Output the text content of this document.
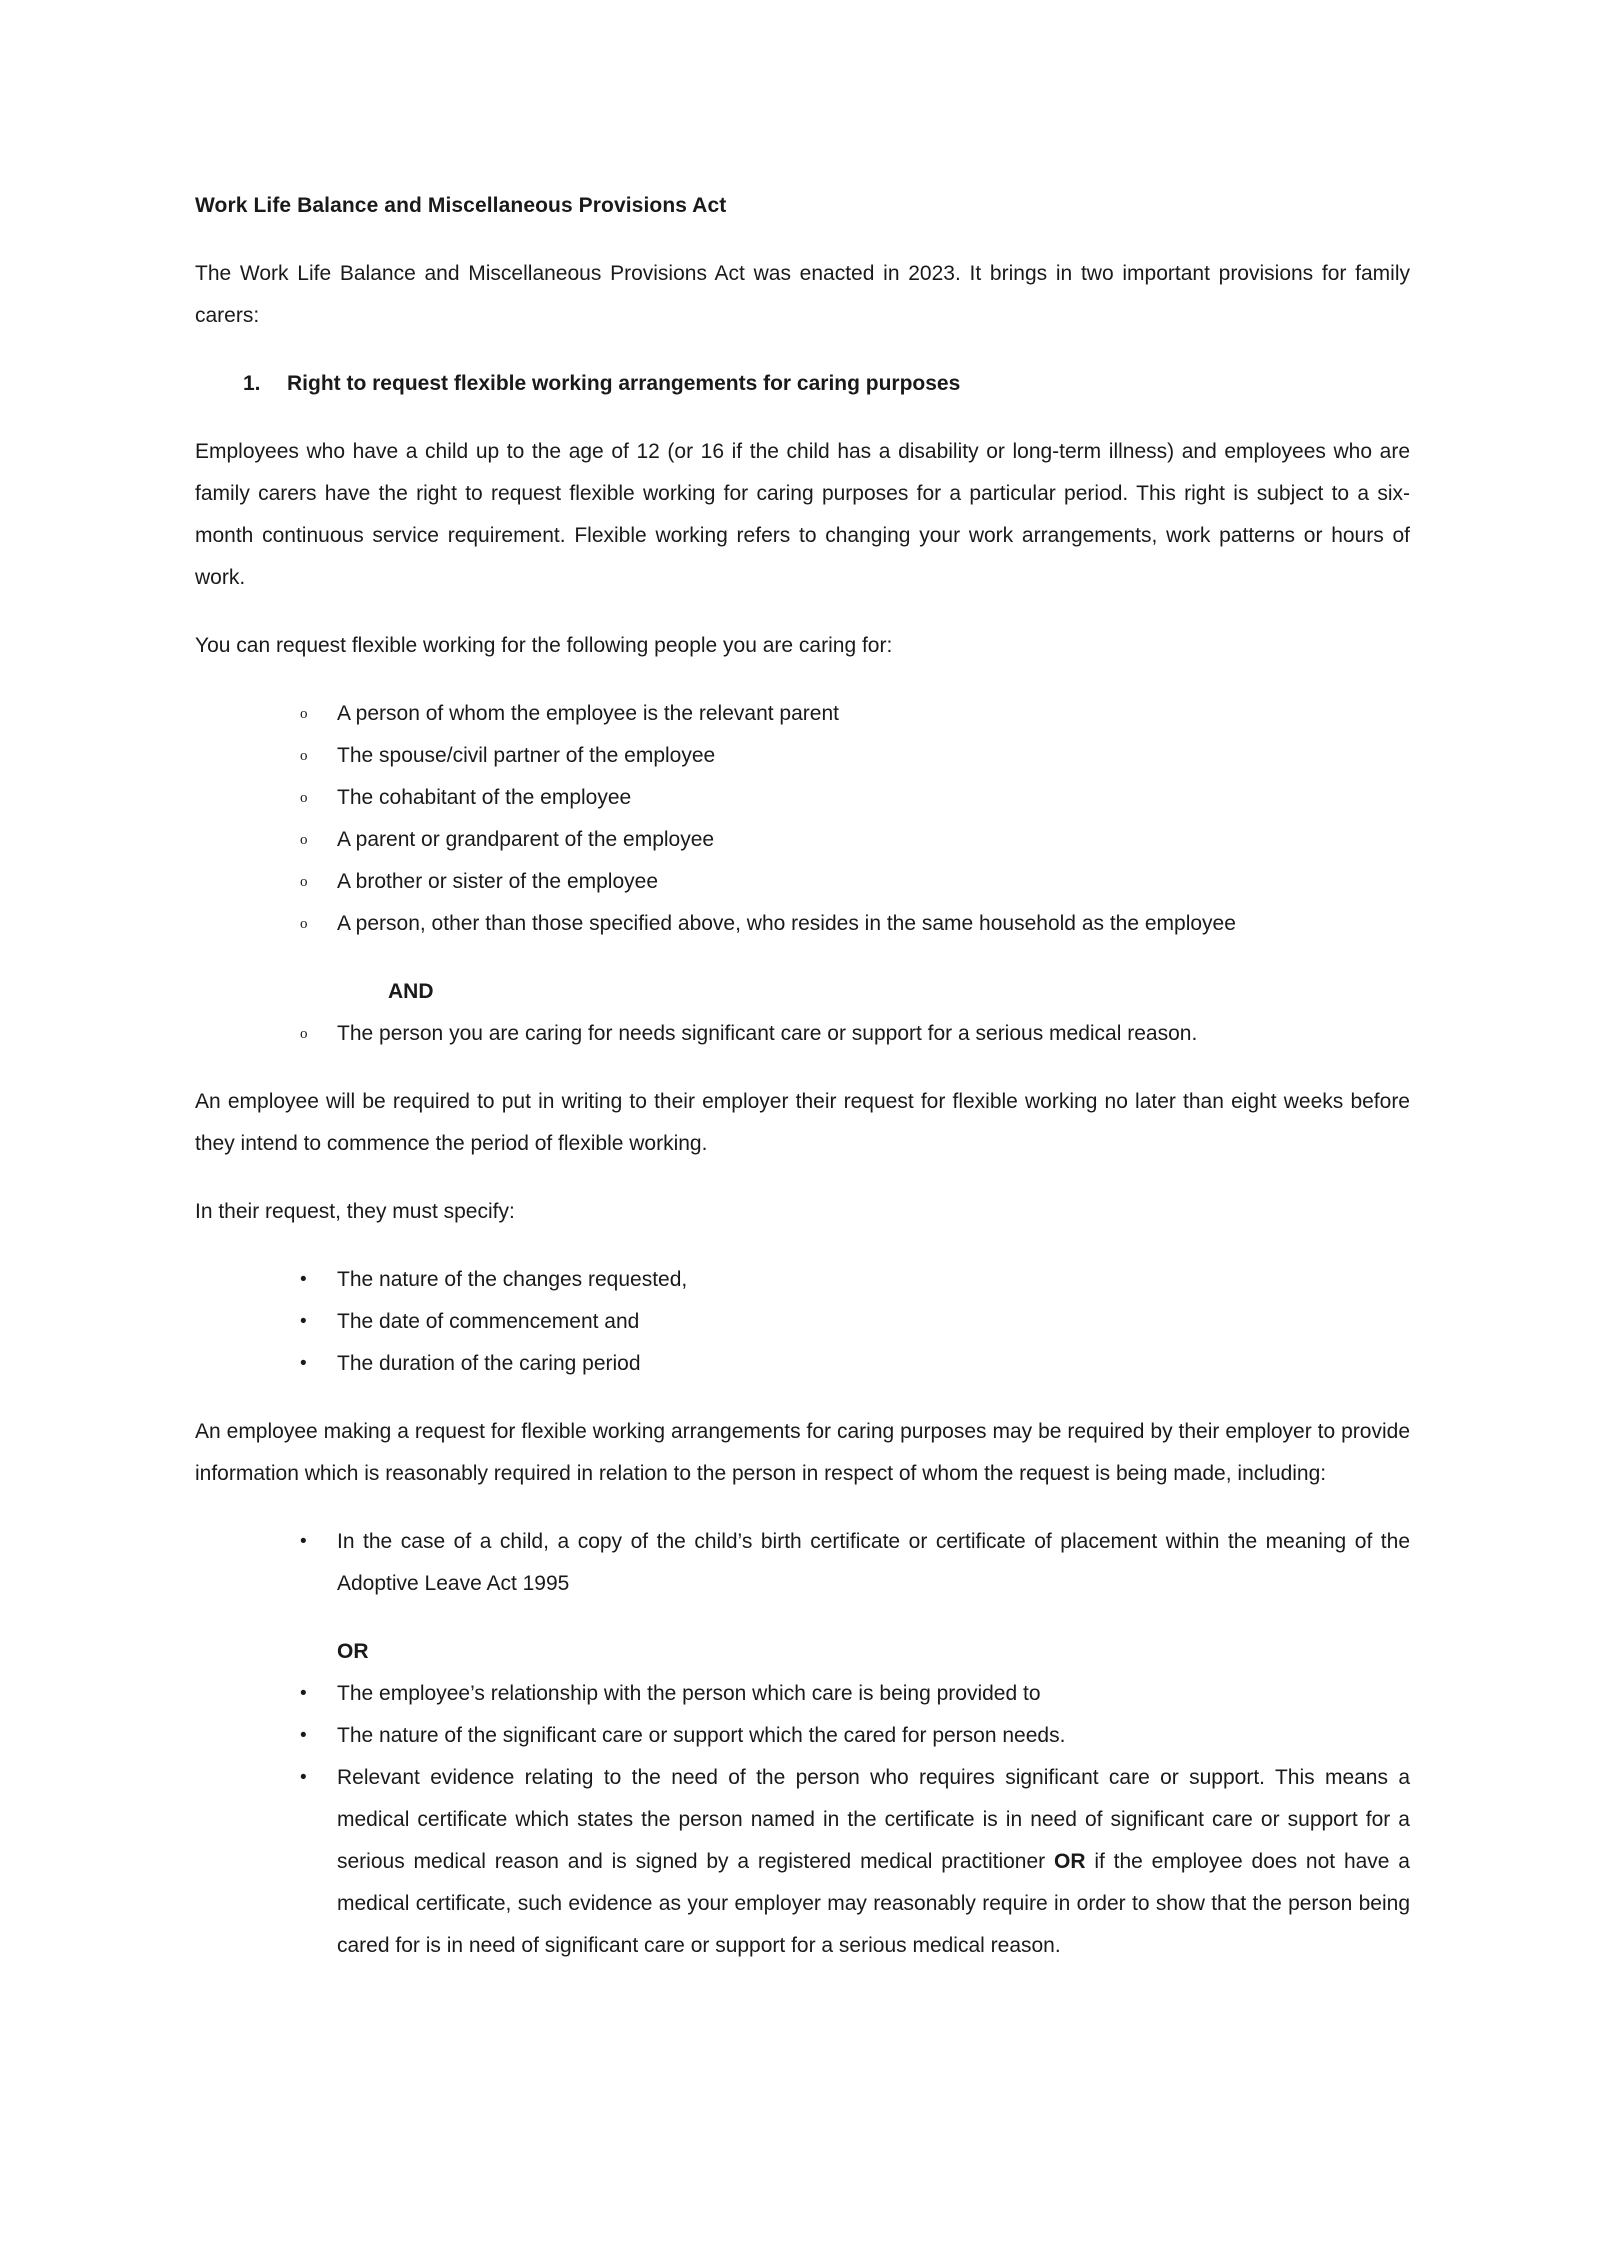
Work Life Balance and Miscellaneous Provisions Act

The Work Life Balance and Miscellaneous Provisions Act was enacted in 2023. It brings in two important provisions for family carers:

1.	Right to request flexible working arrangements for caring purposes

Employees who have a child up to the age of 12 (or 16 if the child has a disability or long-term illness) and employees who are family carers have the right to request flexible working for caring purposes for a particular period. This right is subject to a six-month continuous service requirement. Flexible working refers to changing your work arrangements, work patterns or hours of work.

You can request flexible working for the following people you are caring for:

o	A person of whom the employee is the relevant parent
o	The spouse/civil partner of the employee
o	The cohabitant of the employee
o	A parent or grandparent of the employee
o	A brother or sister of the employee
o	A person, other than those specified above, who resides in the same household as the employee
AND
o	The person you are caring for needs significant care or support for a serious medical reason.

An employee will be required to put in writing to their employer their request for flexible working no later than eight weeks before they intend to commence the period of flexible working.

In their request, they must specify:

•	The nature of the changes requested,
•	The date of commencement and
•	The duration of the caring period

An employee making a request for flexible working arrangements for caring purposes may be required by their employer to provide information which is reasonably required in relation to the person in respect of whom the request is being made, including:

•	In the case of a child, a copy of the child’s birth certificate or certificate of placement within the meaning of the Adoptive Leave Act 1995
OR
•	The employee’s relationship with the person which care is being provided to
•	The nature of the significant care or support which the cared for person needs.
•	Relevant evidence relating to the need of the person who requires significant care or support. This means a medical certificate which states the person named in the certificate is in need of significant care or support for a serious medical reason and is signed by a registered medical practitioner OR if the employee does not have a medical certificate, such evidence as your employer may reasonably require in order to show that the person being cared for is in need of significant care or support for a serious medical reason.
